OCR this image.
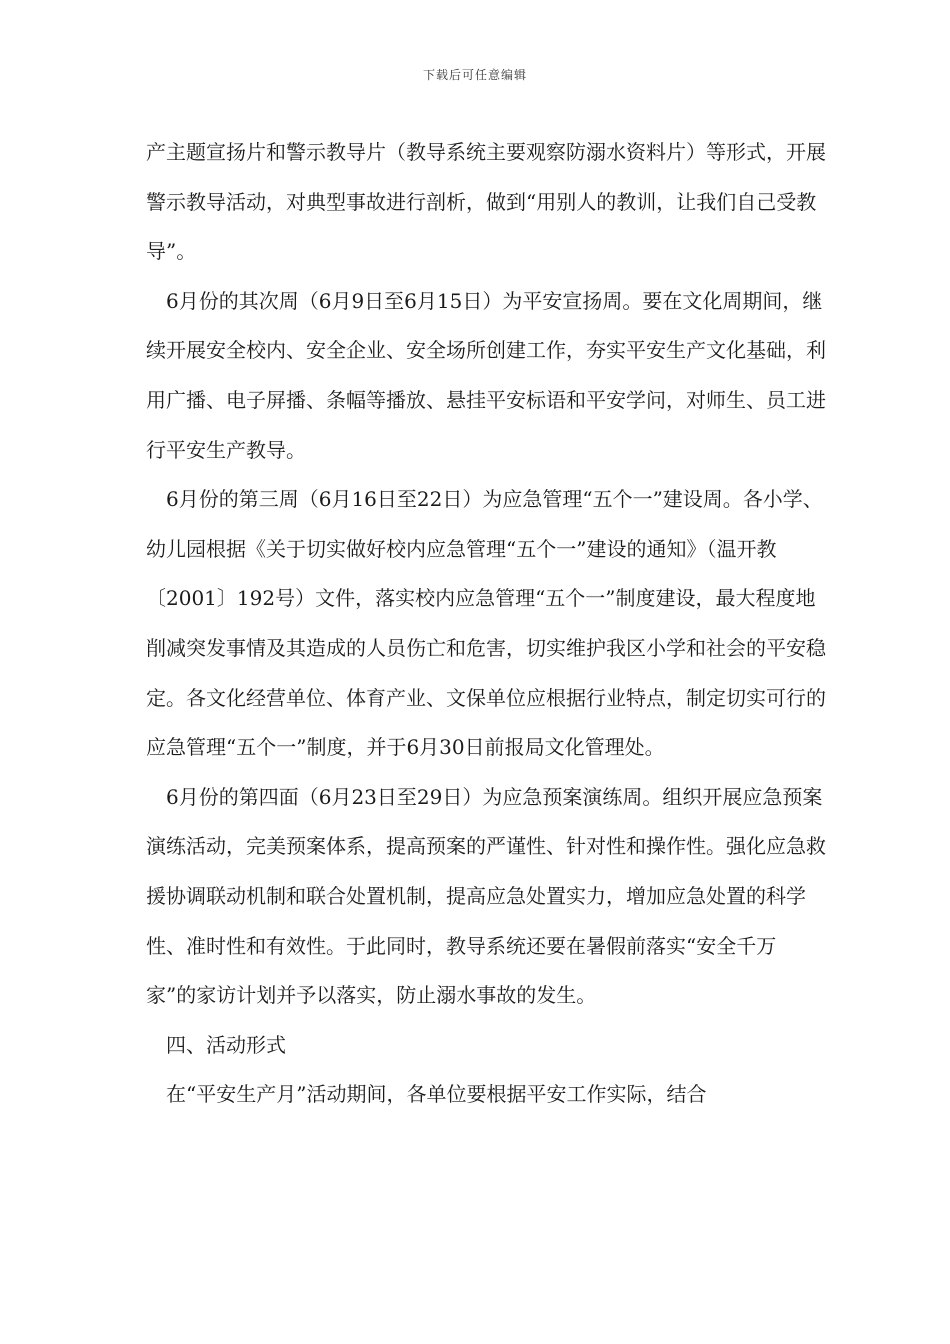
下载后可任意编辑

产主题宣扬片和警示教导片（教导系统主要观察防溺水资料片）等形式，开展警示教导活动，对典型事故进行剖析，做到“用别人的教训，让我们自己受教导”。

6月份的其次周（6月9日至6月15日）为平安宣扬周。要在文化周期间，继续开展安全校内、安全企业、安全场所创建工作，夯实平安生产文化基础，利用广播、电子屏播、条幅等播放、悬挂平安标语和平安学问，对师生、员工进行平安生产教导。

6月份的第三周（6月16日至22日）为应急管理“五个一”建设周。各小学、幼儿园根据《关于切实做好校内应急管理“五个一”建设的通知》（温开教〔2001〕192号）文件，落实校内应急管理“五个一”制度建设，最大程度地削减突发事情及其造成的人员伤亡和危害，切实维护我区小学和社会的平安稳定。各文化经营单位、体育产业、文保单位应根据行业特点，制定切实可行的应急管理“五个一”制度，并于6月30日前报局文化管理处。

6月份的第四面（6月23日至29日）为应急预案演练周。组织开展应急预案演练活动，完美预案体系，提高预案的严谨性、针对性和操作性。强化应急救援协调联动机制和联合处置机制，提高应急处置实力，增加应急处置的科学性、准时性和有效性。于此同时，教导系统还要在暑假前落实“安全千万家”的家访计划并予以落实，防止溺水事故的发生。

四、活动形式

在“平安生产月”活动期间，各单位要根据平安工作实际，结合
